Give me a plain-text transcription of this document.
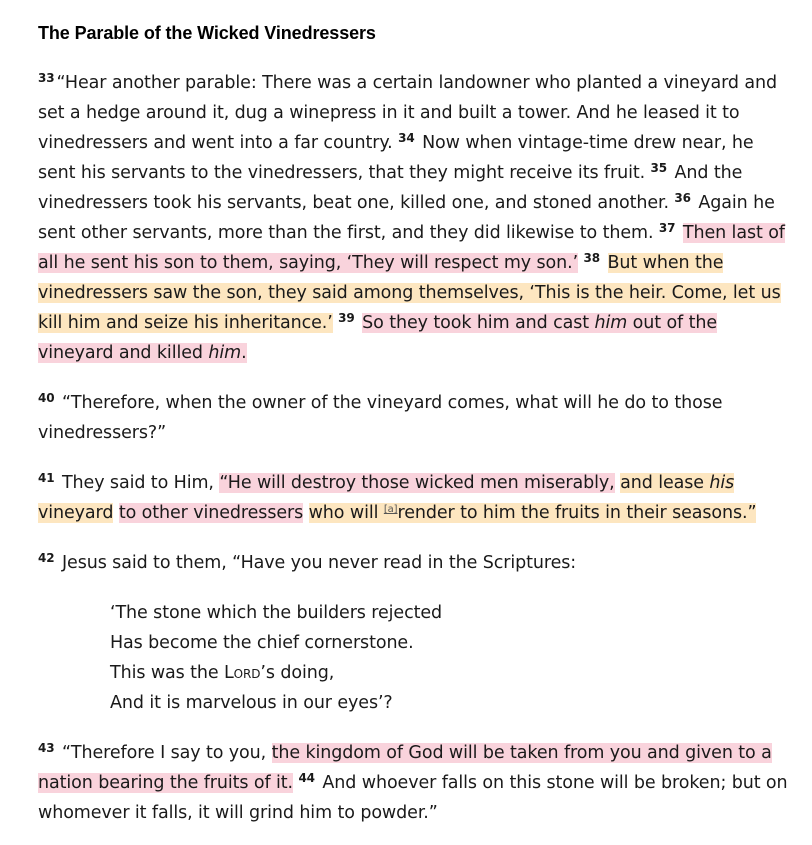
The Parable of the Wicked Vinedressers

$^{33}$ “Hear another parable: There was a certain landowner who planted a vineyard and set a hedge around it, dug a winepress in it and built a tower. And he leased it to vinedressers and went into a far country. $^{34}$ Now when vintage-time drew near, he sent his servants to the vinedressers, that they might receive its fruit. $^{35}$ And the vinedressers took his servants, beat one, killed one, and stoned another. $^{36}$ Again he sent other servants, more than the first, and they did likewise to them. $^{37}$ Then last of all he sent his son to them, saying, ‘They will respect my son.’ $^{38}$ But when the vinedressers saw the son, they said among themselves, ‘This is the heir. Come, let us kill him and seize his inheritance.’ $^{39}$ So they took him and cast him out of the vineyard and killed him.

$^{40}$ “Therefore, when the owner of the vineyard comes, what will he do to those vinedressers?”

$^{41}$ They said to Him, “He will destroy those wicked men miserably, and lease his vineyard to other vinedressers who will [a]render to him the fruits in their seasons.”

$^{42}$ Jesus said to them, “Have you never read in the Scriptures:

‘The stone which the builders rejected
Has become the chief cornerstone.
This was the Lord’s doing,
And it is marvelous in our eyes’?

$^{43}$ “Therefore I say to you, the kingdom of God will be taken from you and given to a nation bearing the fruits of it. $^{44}$ And whoever falls on this stone will be broken; but on whomever it falls, it will grind him to powder.”
